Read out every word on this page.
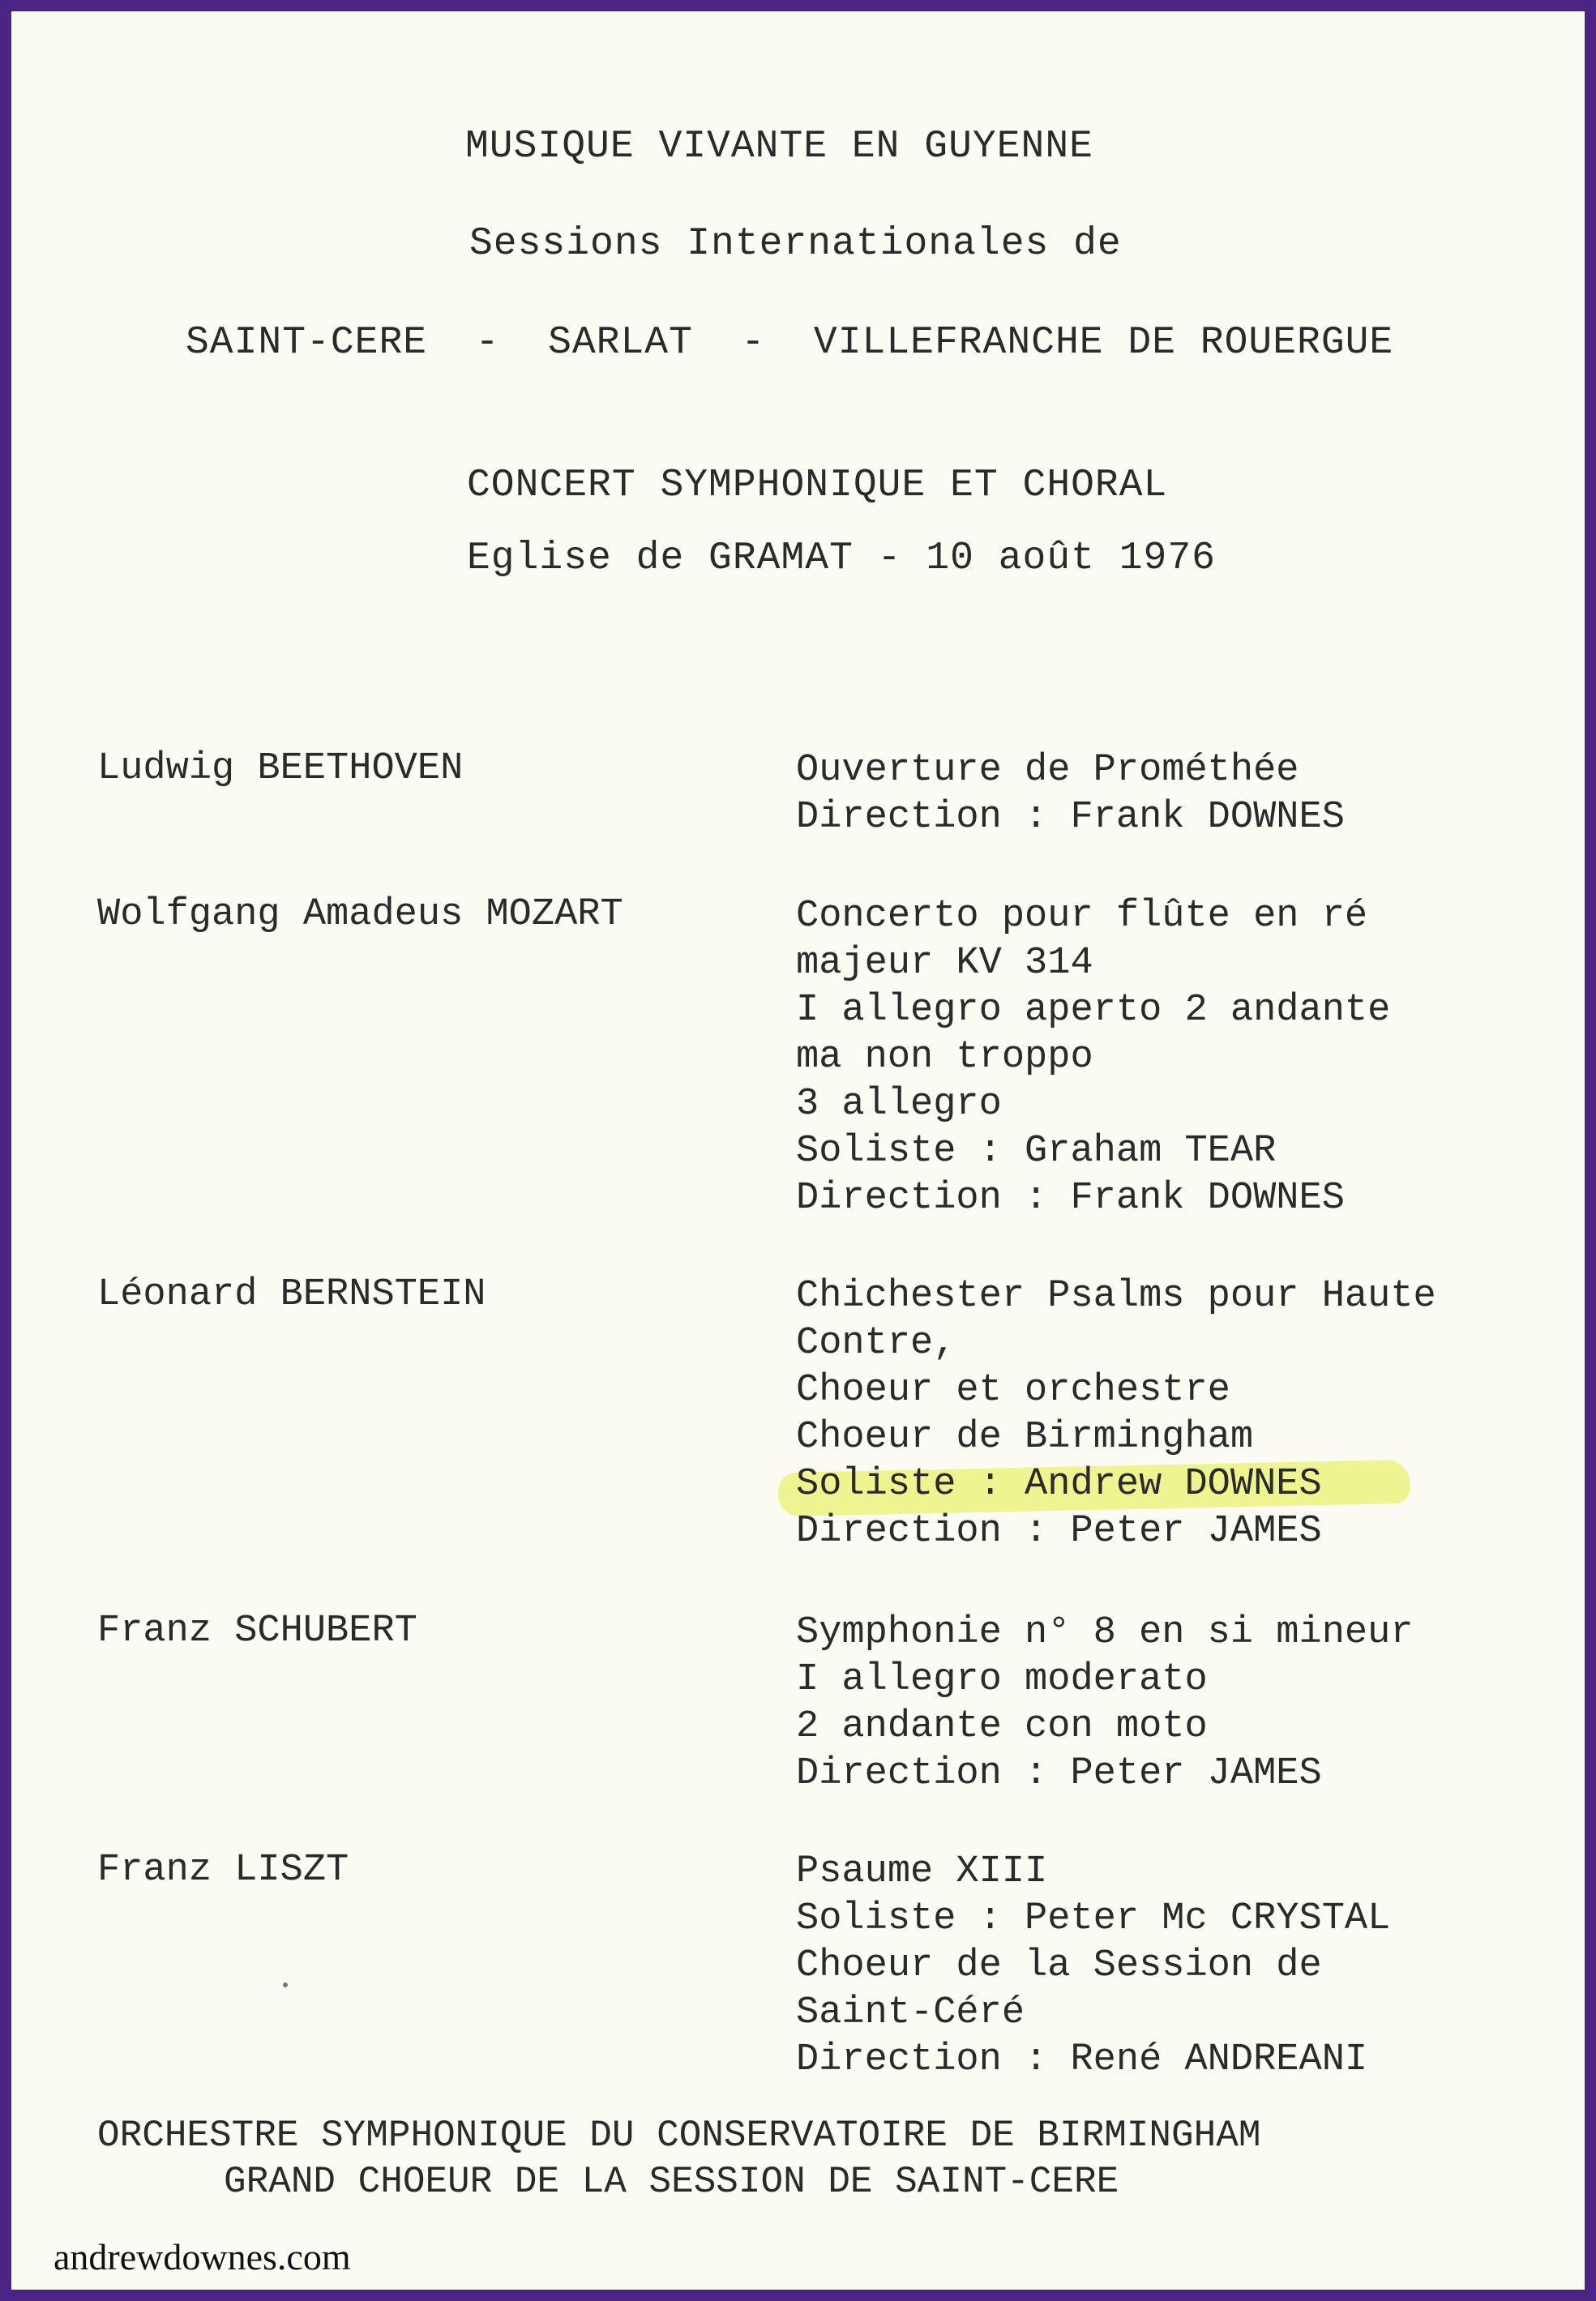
MUSIQUE VIVANTE EN GUYENNE
Sessions Internationales de
SAINT-CERE  -  SARLAT  -  VILLEFRANCHE DE ROUERGUE
CONCERT SYMPHONIQUE ET CHORAL
Eglise de GRAMAT - 10 août 1976
Ludwig BEETHOVEN	Ouverture de Prométhée
Direction : Frank DOWNES
Wolfgang Amadeus MOZART	Concerto pour flûte en ré
majeur KV 314
I allegro aperto 2 andante
ma non troppo
3 allegro
Soliste : Graham TEAR
Direction : Frank DOWNES
Léonard BERNSTEIN	Chichester Psalms pour Haute
Contre,
Choeur et orchestre
Choeur de Birmingham
Soliste : Andrew DOWNES
Direction : Peter JAMES
Franz SCHUBERT	Symphonie n° 8 en si mineur
I allegro moderato
2 andante con moto
Direction : Peter JAMES
Franz LISZT	Psaume XIII
Soliste : Peter Mc CRYSTAL
Choeur de la Session de
Saint-Céré
Direction : René ANDREANI
ORCHESTRE SYMPHONIQUE DU CONSERVATOIRE DE BIRMINGHAM
GRAND CHOEUR DE LA SESSION DE SAINT-CERE
andrewdownes.com
